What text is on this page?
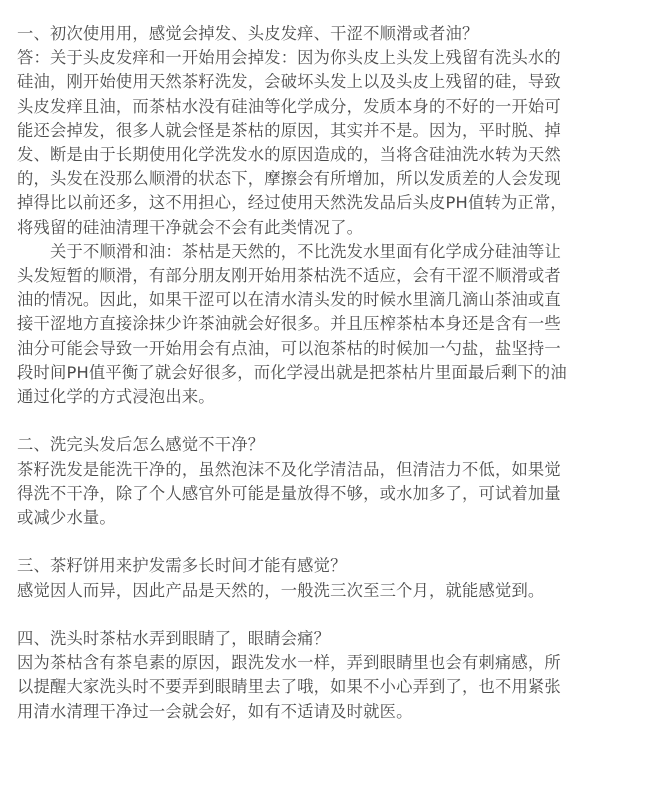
一、初次使用用，感觉会掉发、头皮发痒、干涩不顺滑或者油？
答：关于头皮发痒和一开始用会掉发：因为你头皮上头发上残留有洗头水的
硅油，刚开始使用天然茶籽洗发，会破坏头发上以及头皮上残留的硅，导致
头皮发痒且油，而茶枯水没有硅油等化学成分，发质本身的不好的一开始可
能还会掉发，很多人就会怪是茶枯的原因，其实并不是。因为，平时脱、掉
发、断是由于长期使用化学洗发水的原因造成的，当将含硅油洗水转为天然
的，头发在没那么顺滑的状态下，摩擦会有所增加，所以发质差的人会发现
掉得比以前还多，这不用担心，经过使用天然洗发品后头皮PH值转为正常，
将残留的硅油清理干净就会不会有此类情况了。
关于不顺滑和油：茶枯是天然的，不比洗发水里面有化学成分硅油等让
头发短暂的顺滑，有部分朋友刚开始用茶枯洗不适应，会有干涩不顺滑或者
油的情况。因此，如果干涩可以在清水清头发的时候水里滴几滴山茶油或直
接干涩地方直接涂抹少许茶油就会好很多。并且压榨茶枯本身还是含有一些
油分可能会导致一开始用会有点油，可以泡茶枯的时候加一勺盐，盐坚持一
段时间PH值平衡了就会好很多，而化学浸出就是把茶枯片里面最后剩下的油
通过化学的方式浸泡出来。
二、洗完头发后怎么感觉不干净？
茶籽洗发是能洗干净的，虽然泡沫不及化学清洁品，但清洁力不低，如果觉
得洗不干净，除了个人感官外可能是量放得不够，或水加多了，可试着加量
或减少水量。
三、茶籽饼用来护发需多长时间才能有感觉？
感觉因人而异，因此产品是天然的，一般洗三次至三个月，就能感觉到。
四、洗头时茶枯水弄到眼睛了，眼睛会痛？
因为茶枯含有茶皂素的原因，跟洗发水一样，弄到眼睛里也会有刺痛感，所
以提醒大家洗头时不要弄到眼睛里去了哦，如果不小心弄到了，也不用紧张
用清水清理干净过一会就会好，如有不适请及时就医。
